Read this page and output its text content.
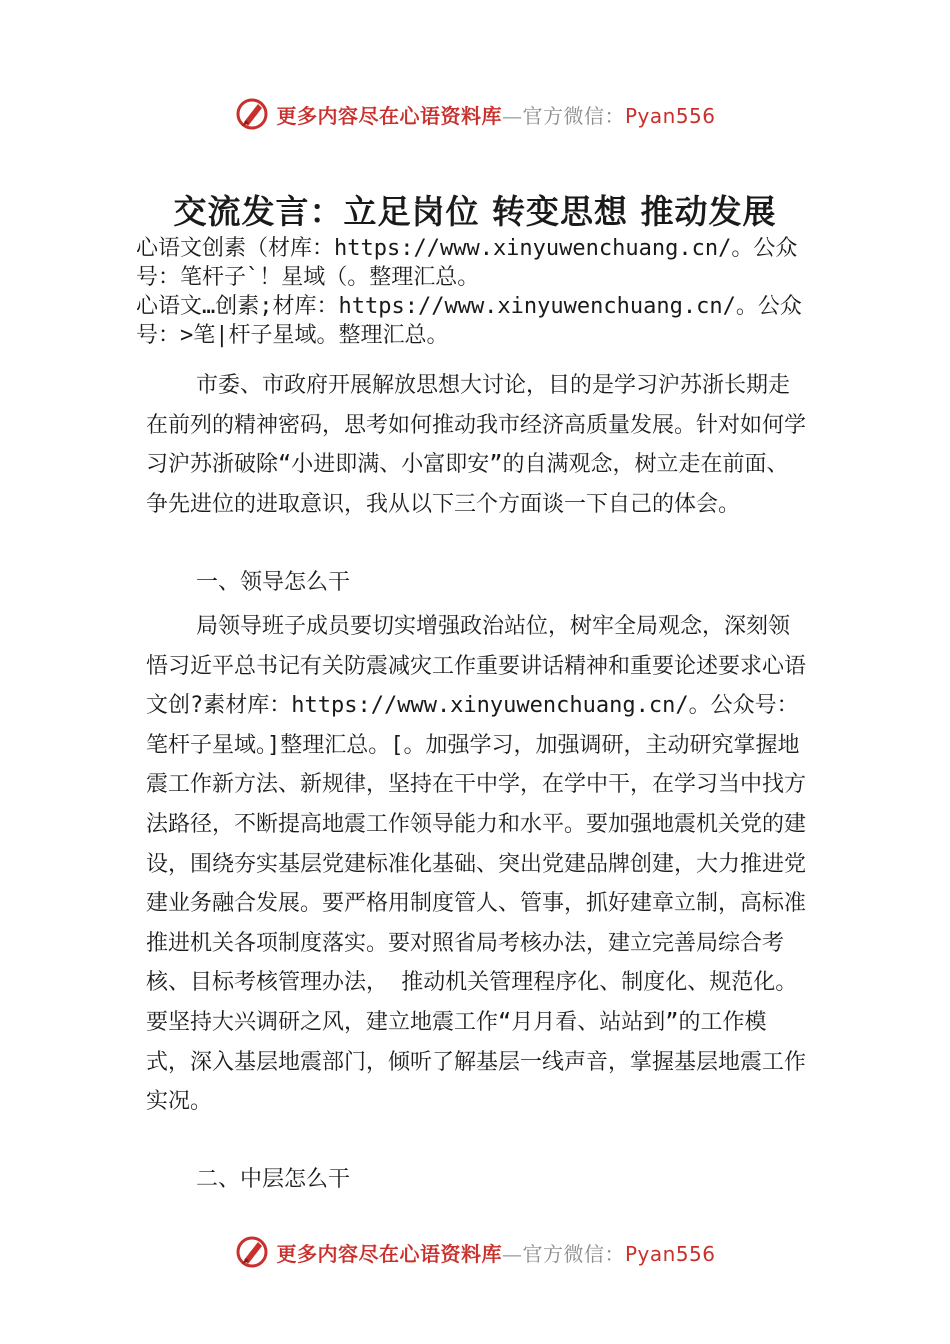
更多内容尽在心语资料库—官方微信：Pyan556
交流发言：立足岗位 转变思想 推动发展
心语文创素（材库：https://www.xinyuwenchuang.cn/。公众号：笔杆子`！星域（。整理汇总。
心语文…创素;材库：https://www.xinyuwenchuang.cn/。公众号：>笔|杆子星域。整理汇总。
市委、市政府开展解放思想大讨论，目的是学习沪苏浙长期走在前列的精神密码，思考如何推动我市经济高质量发展。针对如何学习沪苏浙破除“小进即满、小富即安”的自满观念，树立走在前面、争先进位的进取意识，我从以下三个方面谈一下自己的体会。
一、领导怎么干
局领导班子成员要切实增强政治站位，树牢全局观念，深刻领悟习近平总书记有关防震减灾工作重要讲话精神和重要论述要求心语文创?素材库：https://www.xinyuwenchuang.cn/。公众号：笔杆子星域。]整理汇总。[。加强学习，加强调研，主动研究掌握地震工作新方法、新规律，坚持在干中学，在学中干，在学习当中找方法路径，不断提高地震工作领导能力和水平。要加强地震机关党的建设，围绕夯实基层党建标准化基础、突出党建品牌创建，大力推进党建业务融合发展。要严格用制度管人、管事，抓好建章立制，高标准推进机关各项制度落实。要对照省局考核办法，建立完善局综合考核、目标考核管理办法， 推动机关管理程序化、制度化、规范化。要坚持大兴调研之风，建立地震工作“月月看、站站到”的工作模式，深入基层地震部门，倾听了解基层一线声音，掌握基层地震工作实况。
二、中层怎么干
更多内容尽在心语资料库—官方微信：Pyan556
